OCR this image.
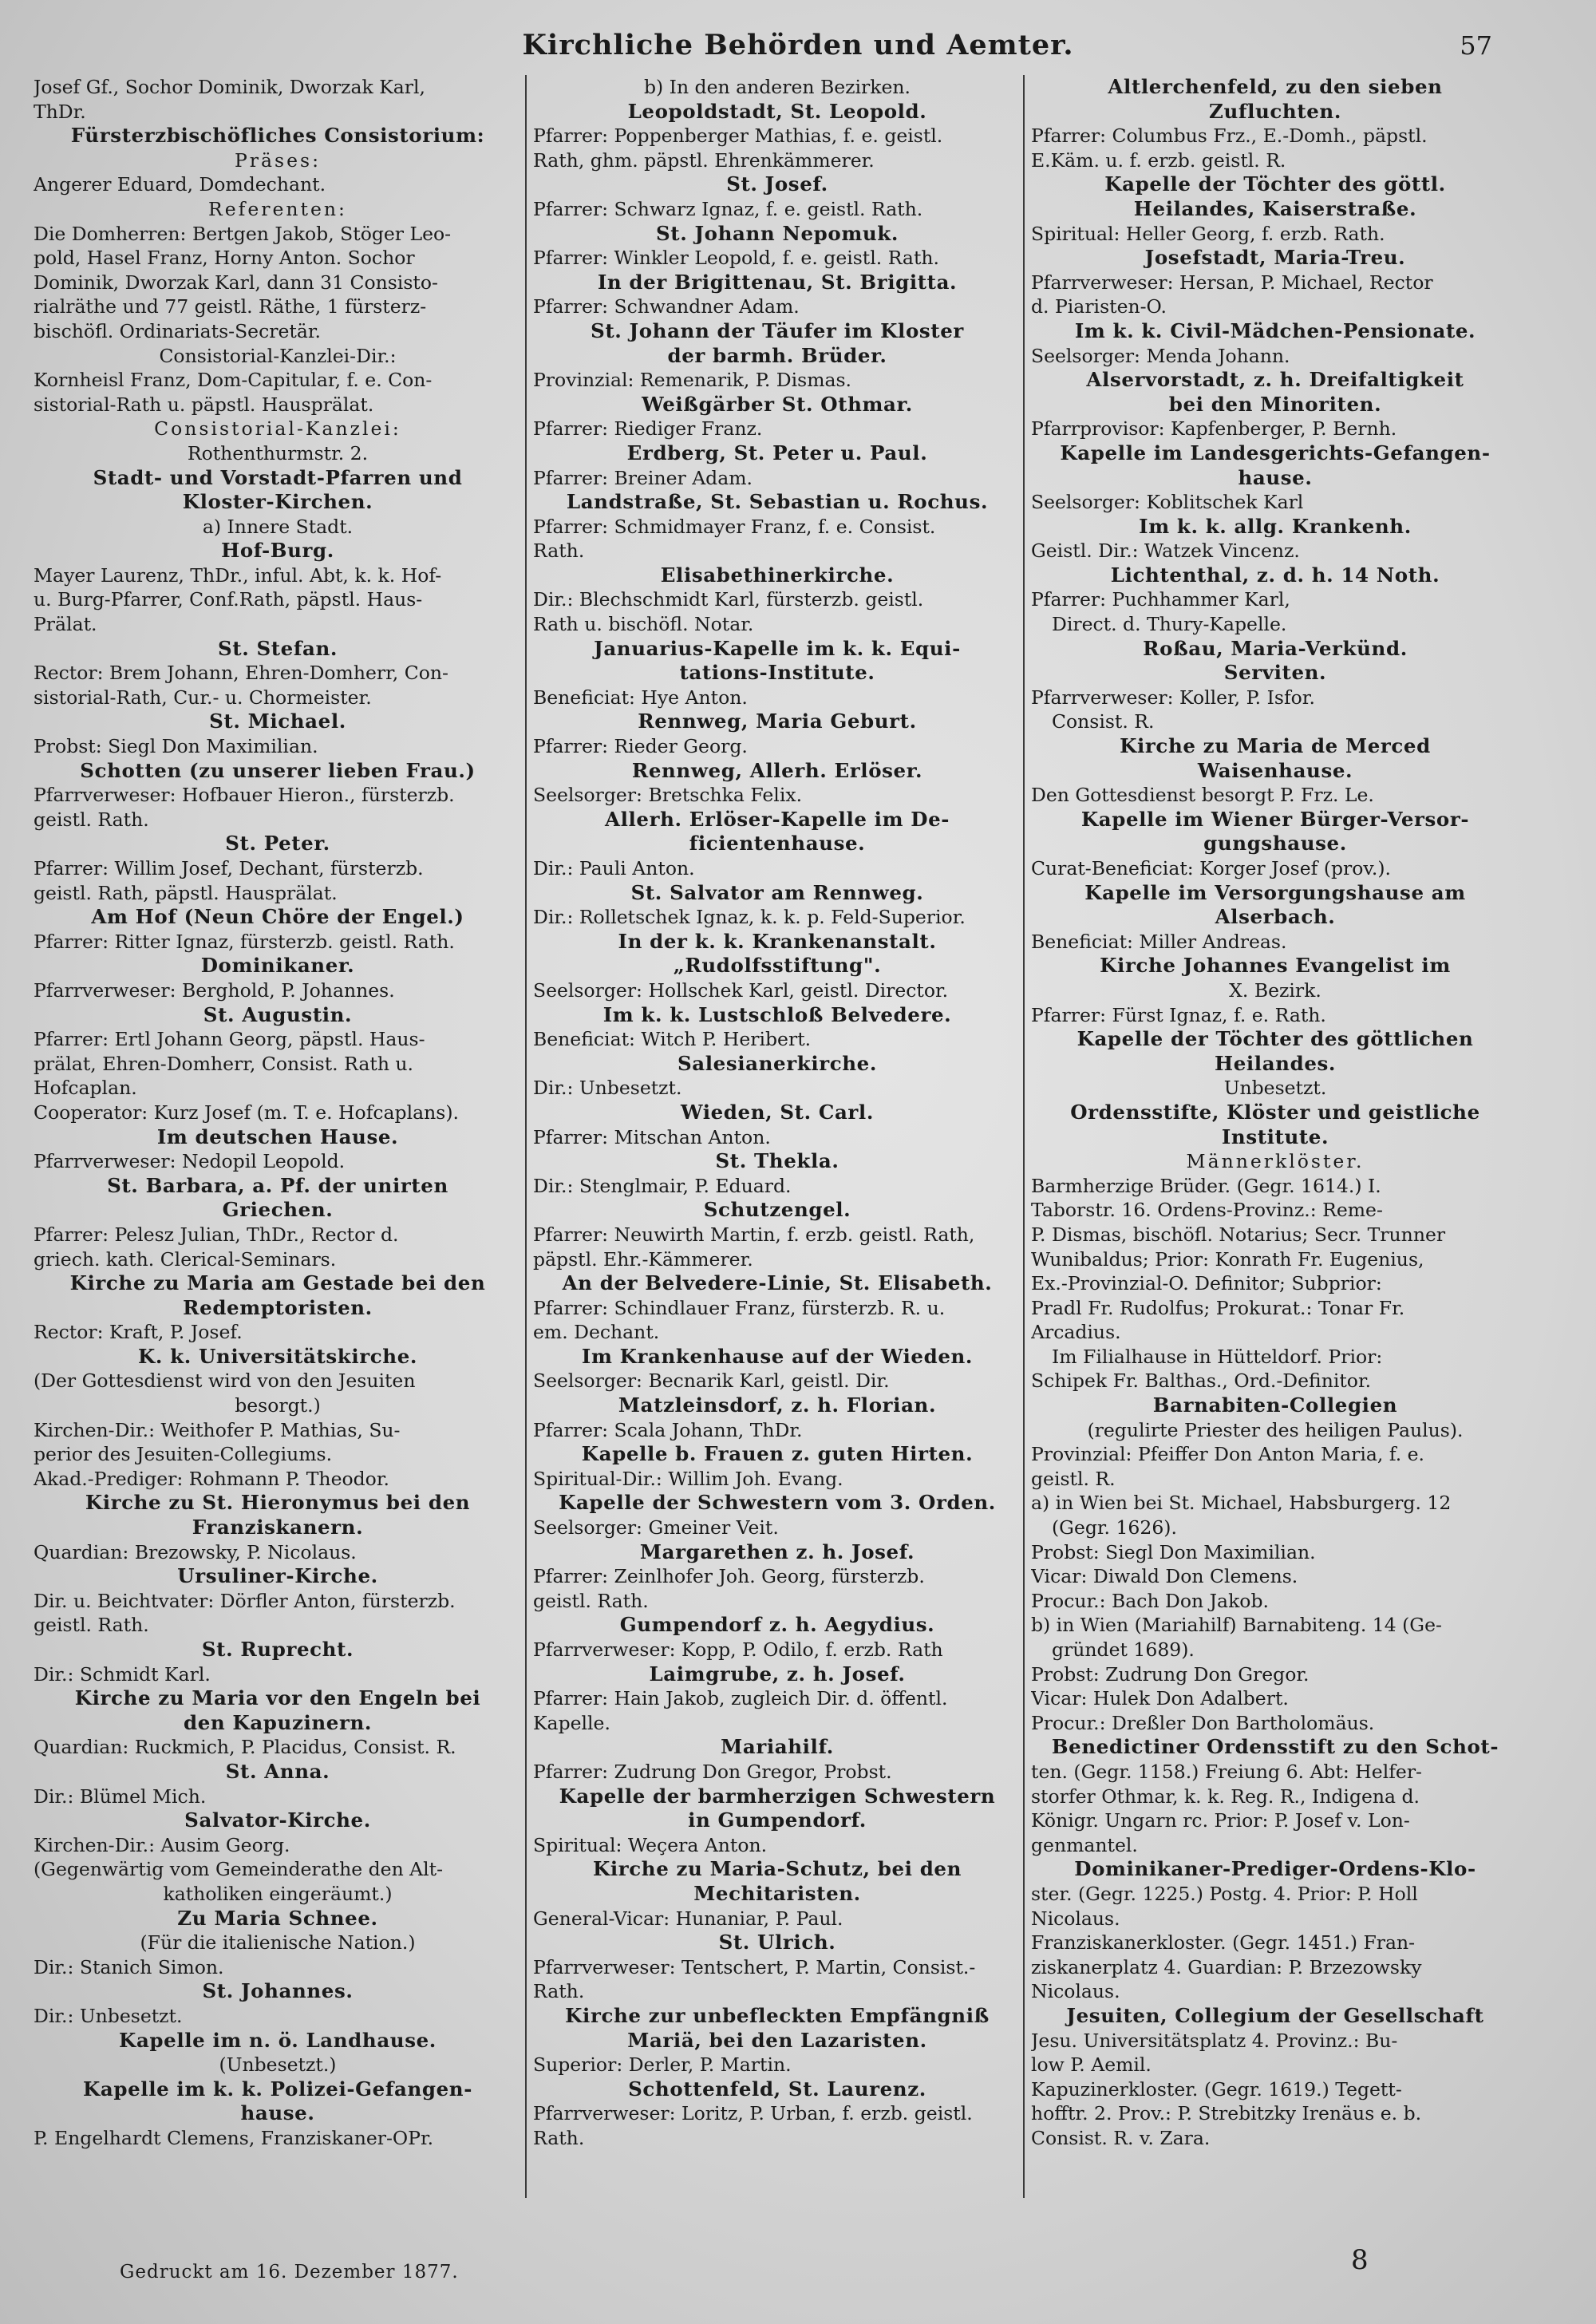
Kirchliche Behörden und Aemter.	57
Josef Gf., Sochor Dominik, Dworzak Karl,
ThDr.
Fürsterzbischöfliches Consistorium:
Präses:
Angerer Eduard, Domdechant.
Referenten:
Die Domherren: Bertgen Jakob, Stöger Leo-
pold, Hasel Franz, Horny Anton. Sochor
Dominik, Dworzak Karl, dann 31 Consisto-
rialräthe und 77 geistl. Räthe, 1 fürsterz-
bischöfl. Ordinariats-Secretär.
Consistorial-Kanzlei-Dir.:
Kornheisl Franz, Dom-Capitular, f. e. Con-
sistorial-Rath u. päpstl. Hausprälat.
Consistorial-Kanzlei:
Rothenthurmstr. 2.
Stadt- und Vorstadt-Pfarren und
Kloster-Kirchen.
a) Innere Stadt.
Hof-Burg.
Mayer Laurenz, ThDr., inful. Abt, k. k. Hof-
u. Burg-Pfarrer, Conf.Rath, päpstl. Haus-
Prälat.
St. Stefan.
Rector: Brem Johann, Ehren-Domherr, Con-
sistorial-Rath, Cur.- u. Chormeister.
St. Michael.
Probst: Siegl Don Maximilian.
Schotten (zu unserer lieben Frau.)
Pfarrverweser: Hofbauer Hieron., fürsterzb.
geistl. Rath.
St. Peter.
Pfarrer: Willim Josef, Dechant, fürsterzb.
geistl. Rath, päpstl. Hausprälat.
Am Hof (Neun Chöre der Engel.)
Pfarrer: Ritter Ignaz, fürsterzb. geistl. Rath.
Dominikaner.
Pfarrverweser: Berghold, P. Johannes.
St. Augustin.
Pfarrer: Ertl Johann Georg, päpstl. Haus-
prälat, Ehren-Domherr, Consist. Rath u.
Hofcaplan.
Cooperator: Kurz Josef (m. T. e. Hofcaplans).
Im deutschen Hause.
Pfarrverweser: Nedopil Leopold.
St. Barbara, a. Pf. der unirten
Griechen.
Pfarrer: Pelesz Julian, ThDr., Rector d.
griech. kath. Clerical-Seminars.
Kirche zu Maria am Gestade bei den
Redemptoristen.
Rector: Kraft, P. Josef.
K. k. Universitätskirche.
(Der Gottesdienst wird von den Jesuiten
besorgt.)
Kirchen-Dir.: Weithofer P. Mathias, Su-
perior des Jesuiten-Collegiums.
Akad.-Prediger: Rohmann P. Theodor.
Kirche zu St. Hieronymus bei den
Franziskanern.
Quardian: Brezowsky, P. Nicolaus.
Ursuliner-Kirche.
Dir. u. Beichtvater: Dörfler Anton, fürsterzb.
geistl. Rath.
St. Ruprecht.
Dir.: Schmidt Karl.
Kirche zu Maria vor den Engeln bei
den Kapuzinern.
Quardian: Ruckmich, P. Placidus, Consist. R.
St. Anna.
Dir.: Blümel Mich.
Salvator-Kirche.
Kirchen-Dir.: Ausim Georg.
(Gegenwärtig vom Gemeinderathe den Alt-
katholiken eingeräumt.)
Zu Maria Schnee.
(Für die italienische Nation.)
Dir.: Stanich Simon.
St. Johannes.
Dir.: Unbesetzt.
Kapelle im n. ö. Landhause.
(Unbesetzt.)
Kapelle im k. k. Polizei-Gefangen-
hause.
P. Engelhardt Clemens, Franziskaner-OPr.
b) In den anderen Bezirken.
Leopoldstadt, St. Leopold.
Pfarrer: Poppenberger Mathias, f. e. geistl.
Rath, ghm. päpstl. Ehrenkämmerer.
St. Josef.
Pfarrer: Schwarz Ignaz, f. e. geistl. Rath.
St. Johann Nepomuk.
Pfarrer: Winkler Leopold, f. e. geistl. Rath.
In der Brigittenau, St. Brigitta.
Pfarrer: Schwandner Adam.
St. Johann der Täufer im Kloster
der barmh. Brüder.
Provinzial: Remenarik, P. Dismas.
Weißgärber St. Othmar.
Pfarrer: Riediger Franz.
Erdberg, St. Peter u. Paul.
Pfarrer: Breiner Adam.
Landstraße, St. Sebastian u. Rochus.
Pfarrer: Schmidmayer Franz, f. e. Consist.
Rath.
Elisabethinerkirche.
Dir.: Blechschmidt Karl, fürsterzb. geistl.
Rath u. bischöfl. Notar.
Januarius-Kapelle im k. k. Equi-
tations-Institute.
Beneficiat: Hye Anton.
Rennweg, Maria Geburt.
Pfarrer: Rieder Georg.
Rennweg, Allerh. Erlöser.
Seelsorger: Bretschka Felix.
Allerh. Erlöser-Kapelle im De-
ficientenhause.
Dir.: Pauli Anton.
St. Salvator am Rennweg.
Dir.: Rolletschek Ignaz, k. k. p. Feld-Superior.
In der k. k. Krankenanstalt.
„Rudolfsstiftung".
Seelsorger: Hollschek Karl, geistl. Director.
Im k. k. Lustschloß Belvedere.
Beneficiat: Witch P. Heribert.
Salesianerkirche.
Dir.: Unbesetzt.
Wieden, St. Carl.
Pfarrer: Mitschan Anton.
St. Thekla.
Dir.: Stenglmair, P. Eduard.
Schutzengel.
Pfarrer: Neuwirth Martin, f. erzb. geistl. Rath,
päpstl. Ehr.-Kämmerer.
An der Belvedere-Linie, St. Elisabeth.
Pfarrer: Schindlauer Franz, fürsterzb. R. u.
em. Dechant.
Im Krankenhause auf der Wieden.
Seelsorger: Becnarik Karl, geistl. Dir.
Matzleinsdorf, z. h. Florian.
Pfarrer: Scala Johann, ThDr.
Kapelle b. Frauen z. guten Hirten.
Spiritual-Dir.: Willim Joh. Evang.
Kapelle der Schwestern vom 3. Orden.
Seelsorger: Gmeiner Veit.
Margarethen z. h. Josef.
Pfarrer: Zeinlhofer Joh. Georg, fürsterzb.
geistl. Rath.
Gumpendorf z. h. Aegydius.
Pfarrverweser: Kopp, P. Odilo, f. erzb. Rath
Laimgrube, z. h. Josef.
Pfarrer: Hain Jakob, zugleich Dir. d. öffentl.
Kapelle.
Mariahilf.
Pfarrer: Zudrung Don Gregor, Probst.
Kapelle der barmherzigen Schwestern
in Gumpendorf.
Spiritual: Weçera Anton.
Kirche zu Maria-Schutz, bei den
Mechitaristen.
General-Vicar: Hunaniar, P. Paul.
St. Ulrich.
Pfarrverweser: Tentschert, P. Martin, Consist.-
Rath.
Kirche zur unbefleckten Empfängniß
Mariä, bei den Lazaristen.
Superior: Derler, P. Martin.
Schottenfeld, St. Laurenz.
Pfarrverweser: Loritz, P. Urban, f. erzb. geistl.
Rath.
Altlerchenfeld, zu den sieben
Zufluchten.
Pfarrer: Columbus Frz., E.-Domh., päpstl.
E.Käm. u. f. erzb. geistl. R.
Kapelle der Töchter des göttl.
Heilandes, Kaiserstraße.
Spiritual: Heller Georg, f. erzb. Rath.
Josefstadt, Maria-Treu.
Pfarrverweser: Hersan, P. Michael, Rector
d. Piaristen-O.
Im k. k. Civil-Mädchen-Pensionate.
Seelsorger: Menda Johann.
Alservorstadt, z. h. Dreifaltigkeit
bei den Minoriten.
Pfarrprovisor: Kapfenberger, P. Bernh.
Kapelle im Landesgerichts-Gefangen-
hause.
Seelsorger: Koblitschek Karl
Im k. k. allg. Krankenh.
Geistl. Dir.: Watzek Vincenz.
Lichtenthal, z. d. h. 14 Noth.
Pfarrer: Puchhammer Karl,
Direct. d. Thury-Kapelle.
Roßau, Maria-Verkünd.
Serviten.
Pfarrverweser: Koller, P. Isfor.
Consist. R.
Kirche zu Maria de Merced
Waisenhause.
Den Gottesdienst besorgt P. Frz. Le.
Kapelle im Wiener Bürger-Versor-
gungshause.
Curat-Beneficiat: Korger Josef (prov.).
Kapelle im Versorgungshause am
Alserbach.
Beneficiat: Miller Andreas.
Kirche Johannes Evangelist im
X. Bezirk.
Pfarrer: Fürst Ignaz, f. e. Rath.
Kapelle der Töchter des göttlichen
Heilandes.
Unbesetzt.
Ordensstifte, Klöster und geistliche
Institute.
Männerklöster.
Barmherzige Brüder. (Gegr. 1614.) I.
Taborstr. 16. Ordens-Provinz.: Reme-
P. Dismas, bischöfl. Notarius; Secr. Trunner
Wunibaldus; Prior: Konrath Fr. Eugenius,
Ex.-Provinzial-O. Definitor; Subprior:
Pradl Fr. Rudolfus; Prokurat.: Tonar Fr.
Arcadius.
Im Filialhause in Hütteldorf. Prior:
Schipek Fr. Balthas., Ord.-Definitor.
Barnabiten-Collegien
(regulirte Priester des heiligen Paulus).
Provinzial: Pfeiffer Don Anton Maria, f. e.
geistl. R.
a) in Wien bei St. Michael, Habsburgerg. 12
(Gegr. 1626).
Probst: Siegl Don Maximilian.
Vicar: Diwald Don Clemens.
Procur.: Bach Don Jakob.
b) in Wien (Mariahilf) Barnabiteng. 14 (Ge-
gründet 1689).
Probst: Zudrung Don Gregor.
Vicar: Hulek Don Adalbert.
Procur.: Dreßler Don Bartholomäus.
Benedictiner Ordensstift zu den Schot-
ten. (Gegr. 1158.) Freiung 6. Abt: Helfer-
storfer Othmar, k. k. Reg. R., Indigena d.
Königr. Ungarn rc. Prior: P. Josef v. Lon-
genmantel.
Dominikaner-Prediger-Ordens-Klo-
ster. (Gegr. 1225.) Postg. 4. Prior: P. Holl
Nicolaus.
Franziskanerkloster. (Gegr. 1451.) Fran-
ziskanerplatz 4. Guardian: P. Brzezowsky
Nicolaus.
Jesuiten, Collegium der Gesellschaft
Jesu. Universitätsplatz 4. Provinz.: Bu-
low P. Aemil.
Kapuzinerkloster. (Gegr. 1619.) Tegett-
hofftr. 2. Prov.: P. Strebitzky Irenäus e. b.
Consist. R. v. Zara.
Gedruckt am 16. Dezember 1877.	8
